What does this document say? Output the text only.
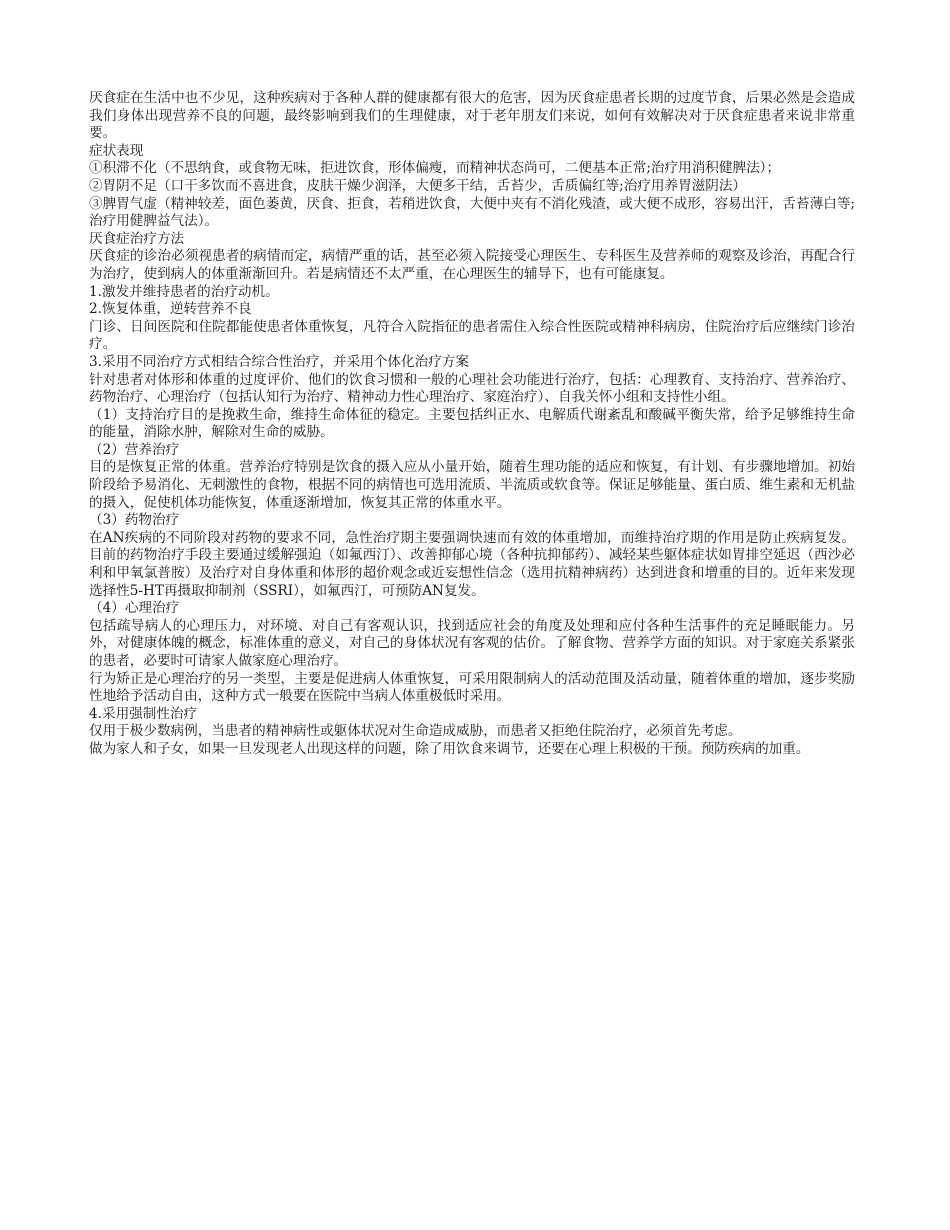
厌食症在生活中也不少见，这种疾病对于各种人群的健康都有很大的危害，因为厌食症患者长期的过度节食，后果必然是会造成我们身体出现营养不良的问题，最终影响到我们的生理健康，对于老年朋友们来说，如何有效解决对于厌食症患者来说非常重要。

症状表现

①积滞不化（不思纳食，或食物无味，拒进饮食，形体偏瘦，而精神状态尚可，二便基本正常;治疗用消积健脾法）；

②胃阴不足（口干多饮而不喜进食，皮肤干燥少润泽，大便多干结，舌苔少，舌质偏红等;治疗用养胃滋阴法）

③脾胃气虚（精神较差，面色萎黄，厌食、拒食，若稍进饮食，大便中夹有不消化残渣，或大便不成形，容易出汗，舌苔薄白等;治疗用健脾益气法）。

厌食症治疗方法

厌食症的诊治必须视患者的病情而定，病情严重的话，甚至必须入院接受心理医生、专科医生及营养师的观察及诊治，再配合行为治疗，使到病人的体重渐渐回升。若是病情还不太严重，在心理医生的辅导下，也有可能康复。

1.激发并维持患者的治疗动机。

2.恢复体重，逆转营养不良

门诊、日间医院和住院都能使患者体重恢复，凡符合入院指征的患者需住入综合性医院或精神科病房，住院治疗后应继续门诊治疗。

3.采用不同治疗方式相结合综合性治疗，并采用个体化治疗方案

针对患者对体形和体重的过度评价、他们的饮食习惯和一般的心理社会功能进行治疗，包括：心理教育、支持治疗、营养治疗、药物治疗、心理治疗（包括认知行为治疗、精神动力性心理治疗、家庭治疗）、自我关怀小组和支持性小组。

（1）支持治疗目的是挽救生命，维持生命体征的稳定。主要包括纠正水、电解质代谢紊乱和酸碱平衡失常，给予足够维持生命的能量，消除水肿，解除对生命的威胁。

（2）营养治疗

目的是恢复正常的体重。营养治疗特别是饮食的摄入应从小量开始，随着生理功能的适应和恢复，有计划、有步骤地增加。初始阶段给予易消化、无刺激性的食物，根据不同的病情也可选用流质、半流质或软食等。保证足够能量、蛋白质、维生素和无机盐的摄入，促使机体功能恢复，体重逐渐增加，恢复其正常的体重水平。

（3）药物治疗

在AN疾病的不同阶段对药物的要求不同，急性治疗期主要强调快速而有效的体重增加，而维持治疗期的作用是防止疾病复发。目前的药物治疗手段主要通过缓解强迫（如氟西汀）、改善抑郁心境（各种抗抑郁药）、减轻某些躯体症状如胃排空延迟（西沙必利和甲氧氯普胺）及治疗对自身体重和体形的超价观念或近妄想性信念（选用抗精神病药）达到进食和增重的目的。近年来发现选择性5-HT再摄取抑制剂（SSRI），如氟西汀，可预防AN复发。

（4）心理治疗

包括疏导病人的心理压力，对环境、对自己有客观认识，找到适应社会的角度及处理和应付各种生活事件的充足睡眠能力。另外，对健康体魄的概念，标准体重的意义，对自己的身体状况有客观的估价。了解食物、营养学方面的知识。对于家庭关系紧张的患者，必要时可请家人做家庭心理治疗。

行为矫正是心理治疗的另一类型，主要是促进病人体重恢复，可采用限制病人的活动范围及活动量，随着体重的增加，逐步奖励性地给予活动自由，这种方式一般要在医院中当病人体重极低时采用。

4.采用强制性治疗

仅用于极少数病例，当患者的精神病性或躯体状况对生命造成威胁，而患者又拒绝住院治疗，必须首先考虑。

做为家人和子女，如果一旦发现老人出现这样的问题，除了用饮食来调节，还要在心理上积极的干预。预防疾病的加重。
